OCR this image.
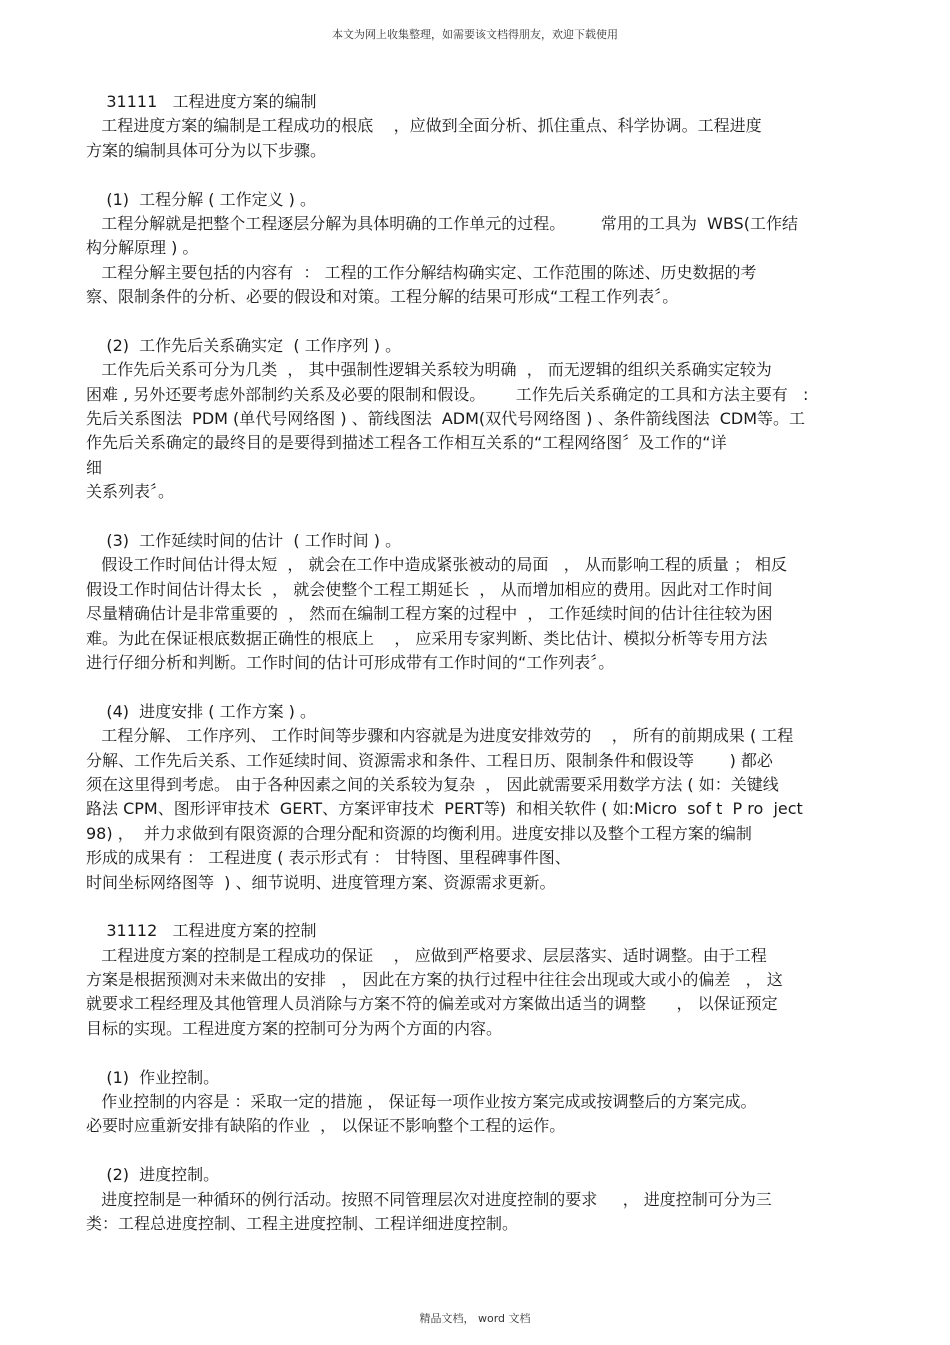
本文为网上收集整理，如需要该文档得朋友，欢迎下载使用
31111   工程进度方案的编制
工程进度方案的编制是工程成功的根底    ，应做到全面分析、抓住重点、科学协调。工程进度
方案的编制具体可分为以下步骤。
(1)  工程分解 ( 工作定义 ) 。
工程分解就是把整个工程逐层分解为具体明确的工作单元的过程。       常用的工具为  WBS(工作结
构分解原理 ) 。
工程分解主要包括的内容有  ： 工程的工作分解结构确实定、工作范围的陈述、历史数据的考
察、限制条件的分析、必要的假设和对策。工程分解的结果可形成“工程工作列表〞。
(2)  工作先后关系确实定  ( 工作序列 ) 。
工作先后关系可分为几类  ， 其中强制性逻辑关系较为明确  ， 而无逻辑的组织关系确实定较为
困难 , 另外还要考虑外部制约关系及必要的限制和假设。      工作先后关系确定的工具和方法主要有   :
先后关系图法  PDM (单代号网络图 ) 、箭线图法  ADM(双代号网络图 ) 、条件箭线图法  CDM等。工
作先后关系确定的最终目的是要得到描述工程各工作相互关系的“工程网络图〞及工作的“详
细
关系列表〞。
(3)  工作延续时间的估计  ( 工作时间 ) 。
假设工作时间估计得太短  ， 就会在工作中造成紧张被动的局面   ， 从而影响工程的质量 ； 相反
假设工作时间估计得太长  ， 就会使整个工程工期延长  ， 从而增加相应的费用。因此对工作时间
尽量精确估计是非常重要的  ， 然而在编制工程方案的过程中  ， 工作延续时间的估计往往较为困
难。为此在保证根底数据正确性的根底上    ， 应采用专家判断、类比估计、模拟分析等专用方法
进行仔细分析和判断。工作时间的估计可形成带有工作时间的“工作列表〞。
(4)  进度安排 ( 工作方案 ) 。
工程分解、 工作序列、 工作时间等步骤和内容就是为进度安排效劳的    ， 所有的前期成果 ( 工程
分解、工作先后关系、工作延续时间、资源需求和条件、工程日历、限制条件和假设等       ) 都必
须在这里得到考虑。 由于各种因素之间的关系较为复杂  ， 因此就需要采用数学方法 ( 如：关键线
路法 CPM、图形评审技术  GERT、方案评审技术  PERT等)  和相关软件 ( 如:Micro  sof t  P ro  ject
98) ，  并力求做到有限资源的合理分配和资源的均衡利用。进度安排以及整个工程方案的编制
形成的成果有 ： 工程进度 ( 表示形式有 ： 甘特图、里程碑事件图、
时间坐标网络图等  ) 、细节说明、进度管理方案、资源需求更新。
31112   工程进度方案的控制
工程进度方案的控制是工程成功的保证    ， 应做到严格要求、层层落实、适时调整。由于工程
方案是根据预测对未来做出的安排   ， 因此在方案的执行过程中往往会出现或大或小的偏差   ， 这
就要求工程经理及其他管理人员消除与方案不符的偏差或对方案做出适当的调整      ， 以保证预定
目标的实现。工程进度方案的控制可分为两个方面的内容。
(1)  作业控制。
作业控制的内容是 ：采取一定的措施 ， 保证每一项作业按方案完成或按调整后的方案完成。
必要时应重新安排有缺陷的作业  ， 以保证不影响整个工程的运作。
(2)  进度控制。
进度控制是一种循环的例行活动。按照不同管理层次对进度控制的要求     ， 进度控制可分为三
类：工程总进度控制、工程主进度控制、工程详细进度控制。
精品文档， word 文档
